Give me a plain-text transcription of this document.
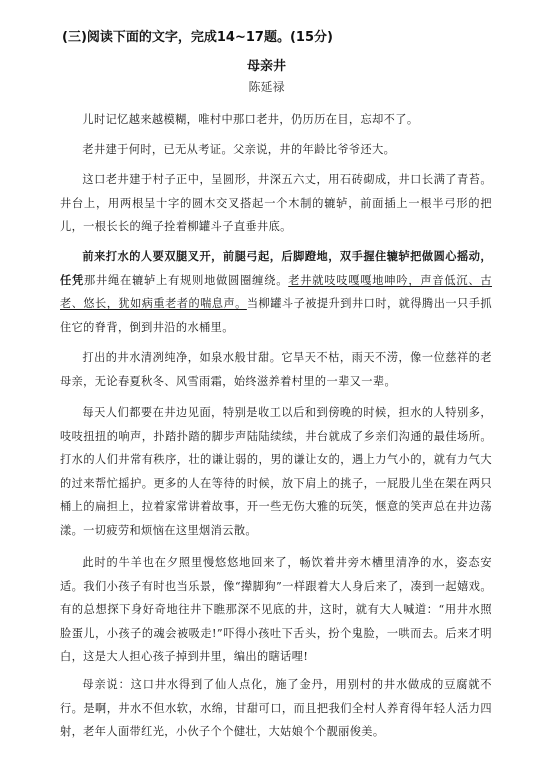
(三)阅读下面的文字，完成14~17题。(15分)
母亲井
陈延禄

儿时记忆越来越模糊，唯村中那口老井，仍历历在目，忘却不了。

老井建于何时，已无从考证。父亲说，井的年龄比爷爷还大。

这口老井建于村子正中，呈圆形，井深五六丈，用石砖砌成，井口长满了青苔。井台上，用两根呈十字的圆木交叉搭起一个木制的辘轳，前面插上一根半弓形的把儿，一根长长的绳子拴着柳罐斗子直垂井底。

前来打水的人要双腿叉开，前腿弓起，后脚蹬地，双手握住辘轳把做圆心摇动，任凭那井绳在辘轳上有规则地做圆圈缠绕。老井就吱吱嘎嘎地呻吟，声音低沉、古老、悠长，犹如病重老者的喘息声。当柳罐斗子被提升到井口时，就得腾出一只手抓住它的脊背，倒到井沿的水桶里。

打出的井水清冽纯净，如泉水般甘甜。它旱天不枯，雨天不涝，像一位慈祥的老母亲，无论春夏秋冬、风雪雨霜，始终滋养着村里的一辈又一辈。

每天人们都要在井边见面，特别是收工以后和到傍晚的时候，担水的人特别多，吱吱扭扭的响声，扑踏扑踏的脚步声陆陆续续，井台就成了乡亲们沟通的最佳场所。打水的人们井常有秩序，壮的谦让弱的，男的谦让女的，遇上力气小的，就有力气大的过来帮忙摇护。更多的人在等待的时候，放下肩上的挑子，一屁股儿坐在架在两只桶上的扁担上，拉着家常讲着故事，开一些无伤大雅的玩笑，惬意的笑声总在井边荡漾。一切疲劳和烦恼在这里烟消云散。

此时的牛羊也在夕照里慢悠悠地回来了，畅饮着井旁木槽里清净的水，姿态安适。我们小孩子有时也当乐景，像“撵脚狗”一样跟着大人身后来了，凑到一起嬉戏。有的总想探下身好奇地往井下瞧那深不见底的井，这时，就有大人喊道：“用井水照脸蛋儿，小孩子的魂会被吸走!”吓得小孩吐下舌头，扮个鬼脸，一哄而去。后来才明白，这是大人担心孩子掉到井里，编出的瞎话哩!

母亲说：这口井水得到了仙人点化，施了金丹，用别村的井水做成的豆腐就不行。是啊，井水不但水软，水绵，甘甜可口，而且把我们全村人养育得年轻人活力四射，老年人面带红光，小伙子个个健壮，大姑娘个个靓丽俊美。
